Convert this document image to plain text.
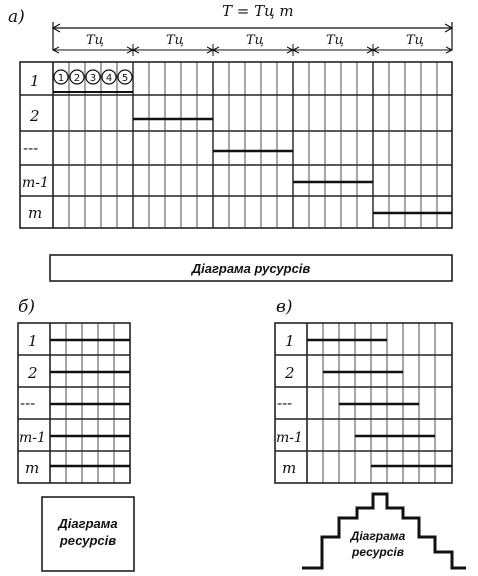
а)	T = Tц m
Tц	Tц	Tц	Tц	Tц
1
2
---
m-1
m
1 2 3 4 5
Діаграма русурсів
б)
1
2
---
m-1
m
Діаграма
ресурсів
в)
1
2
---
m-1
m
Діаграма
ресурсів
